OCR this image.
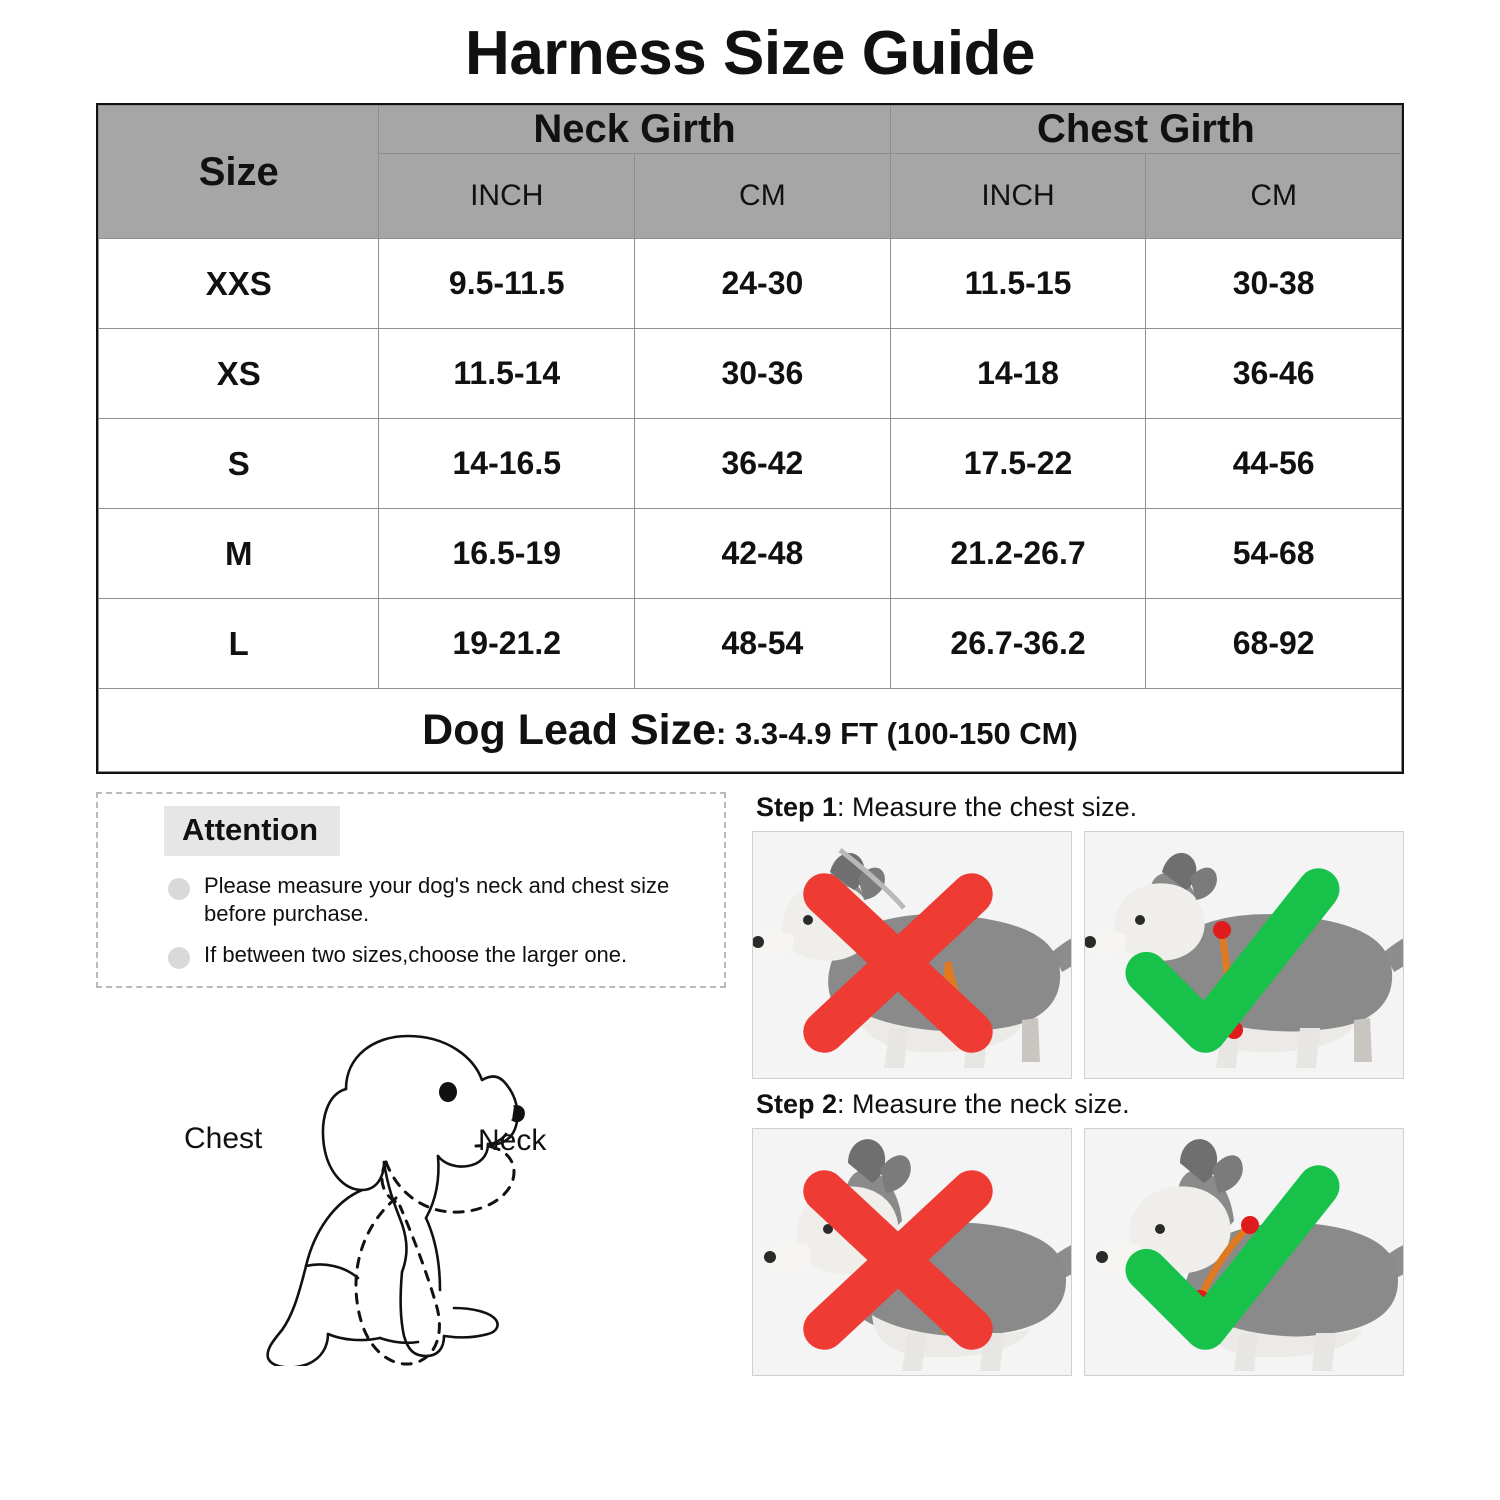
Harness Size Guide
Size	Neck Girth		Chest Girth	
	INCH	CM	INCH	CM
XXS	9.5-11.5	24-30	11.5-15	30-38
XS	11.5-14	30-36	14-18	36-46
S	14-16.5	36-42	17.5-22	44-56
M	16.5-19	42-48	21.2-26.7	54-68
L	19-21.2	48-54	26.7-36.2	68-92
Dog Lead Size: 3.3-4.9 FT (100-150 CM)				
Attention
Please measure your dog's neck and chest size before purchase.
If between two sizes,choose the larger one.
Chest	Neck
Step 1: Measure the chest size.
Step 2: Measure the neck size.
